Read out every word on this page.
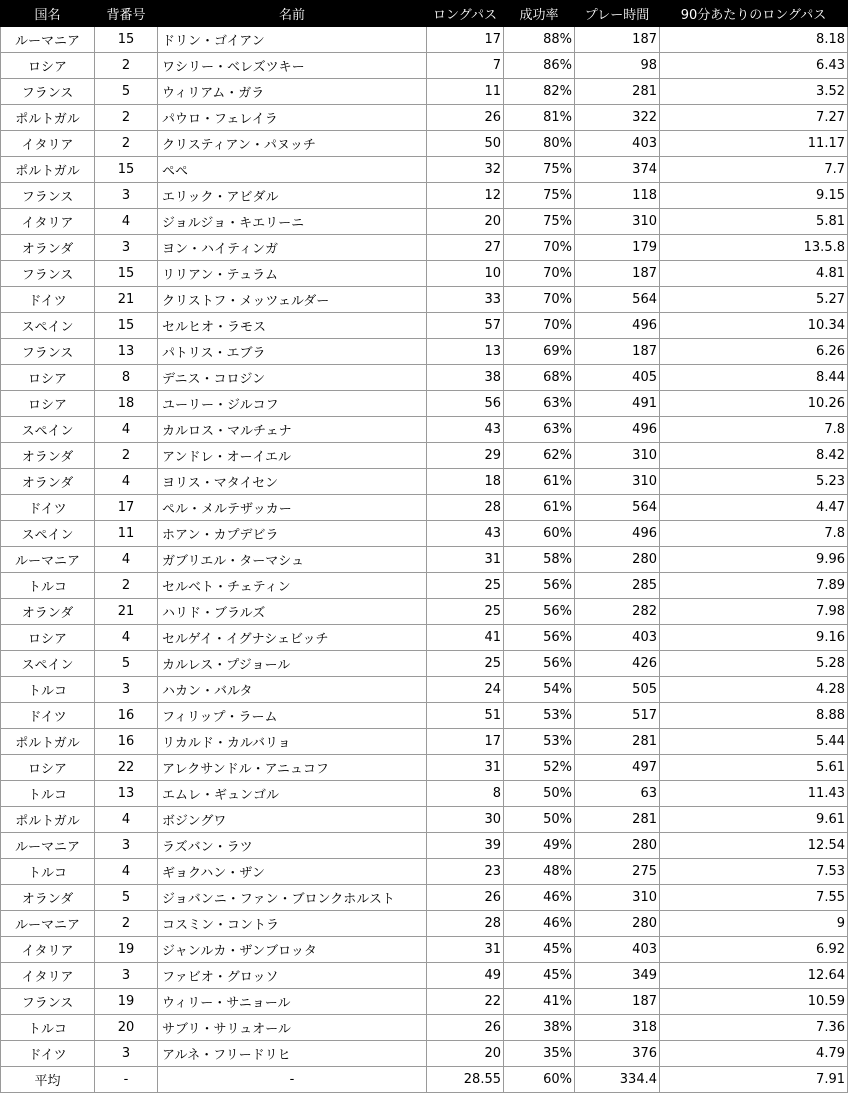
国名	背番号	名前	ロングパス	成功率	プレー時間	90分あたりのロングパス
ルーマニア	15	ドリン・ゴイアン	17	88%	187	8.18
ロシア	2	ワシリー・ベレズツキー	7	86%	98	6.43
フランス	5	ウィリアム・ガラ	11	82%	281	3.52
ポルトガル	2	パウロ・フェレイラ	26	81%	322	7.27
イタリア	2	クリスティアン・パヌッチ	50	80%	403	11.17
ポルトガル	15	ペペ	32	75%	374	7.7
フランス	3	エリック・アビダル	12	75%	118	9.15
イタリア	4	ジョルジョ・キエリーニ	20	75%	310	5.81
オランダ	3	ヨン・ハイティンガ	27	70%	179	13.5.8
フランス	15	リリアン・テュラム	10	70%	187	4.81
ドイツ	21	クリストフ・メッツェルダー	33	70%	564	5.27
スペイン	15	セルヒオ・ラモス	57	70%	496	10.34
フランス	13	パトリス・エブラ	13	69%	187	6.26
ロシア	8	デニス・コロジン	38	68%	405	8.44
ロシア	18	ユーリー・ジルコフ	56	63%	491	10.26
スペイン	4	カルロス・マルチェナ	43	63%	496	7.8
オランダ	2	アンドレ・オーイエル	29	62%	310	8.42
オランダ	4	ヨリス・マタイセン	18	61%	310	5.23
ドイツ	17	ペル・メルテザッカー	28	61%	564	4.47
スペイン	11	ホアン・カプデビラ	43	60%	496	7.8
ルーマニア	4	ガブリエル・ターマシュ	31	58%	280	9.96
トルコ	2	セルベト・チェティン	25	56%	285	7.89
オランダ	21	ハリド・ブラルズ	25	56%	282	7.98
ロシア	4	セルゲイ・イグナシェビッチ	41	56%	403	9.16
スペイン	5	カルレス・プジョール	25	56%	426	5.28
トルコ	3	ハカン・バルタ	24	54%	505	4.28
ドイツ	16	フィリップ・ラーム	51	53%	517	8.88
ポルトガル	16	リカルド・カルバリョ	17	53%	281	5.44
ロシア	22	アレクサンドル・アニュコフ	31	52%	497	5.61
トルコ	13	エムレ・ギュンゴル	8	50%	63	11.43
ポルトガル	4	ボジングワ	30	50%	281	9.61
ルーマニア	3	ラズバン・ラツ	39	49%	280	12.54
トルコ	4	ギョクハン・ザン	23	48%	275	7.53
オランダ	5	ジョバンニ・ファン・ブロンクホルスト	26	46%	310	7.55
ルーマニア	2	コスミン・コントラ	28	46%	280	9
イタリア	19	ジャンルカ・ザンブロッタ	31	45%	403	6.92
イタリア	3	ファビオ・グロッソ	49	45%	349	12.64
フランス	19	ウィリー・サニョール	22	41%	187	10.59
トルコ	20	サブリ・サリュオール	26	38%	318	7.36
ドイツ	3	アルネ・フリードリヒ	20	35%	376	4.79
平均	-	-	28.55	60%	334.4	7.91
